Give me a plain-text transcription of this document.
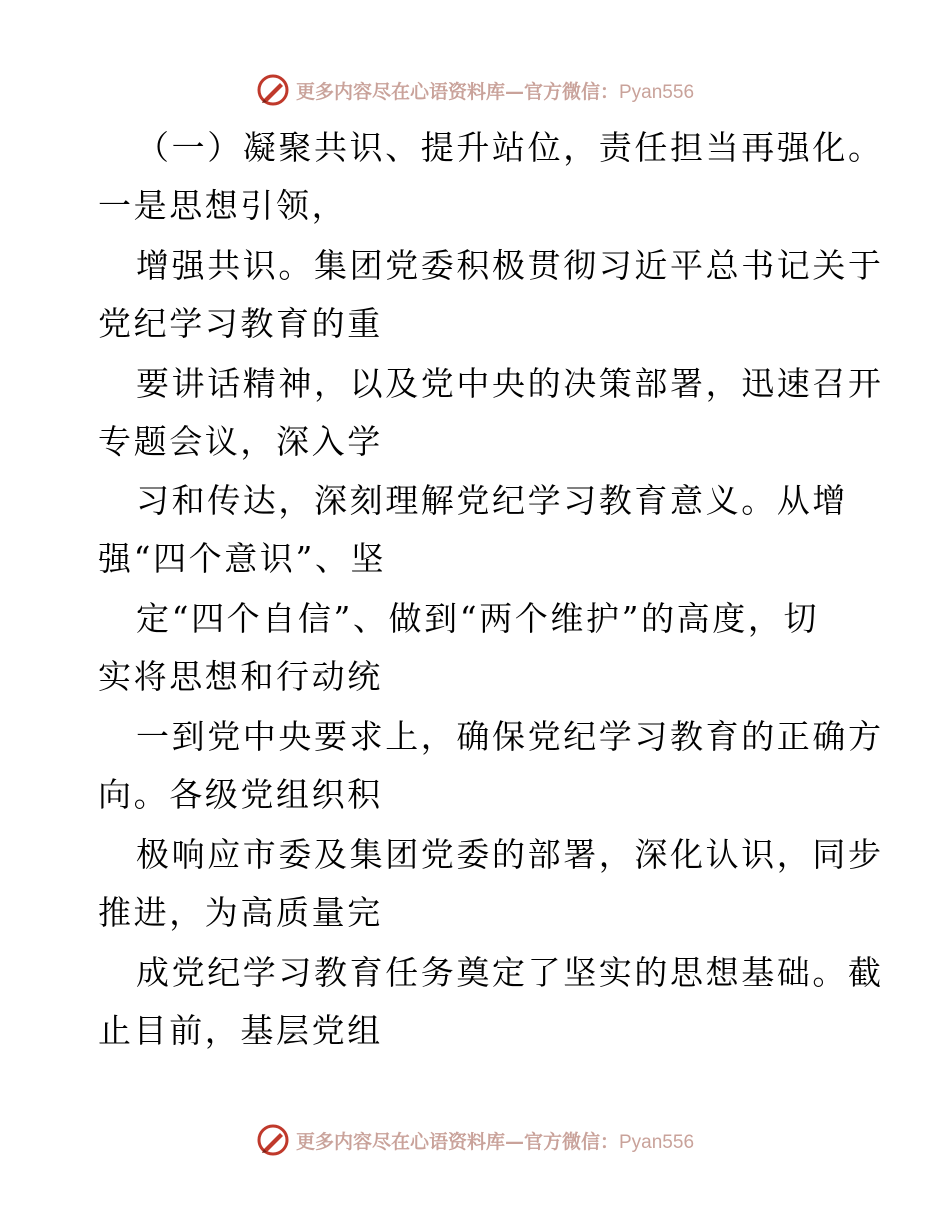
更多内容尽在心语资料库—官方微信：Pyan556
（一）凝聚共识、提升站位，责任担当再强化。
一是思想引领，
增强共识。集团党委积极贯彻习近平总书记关于
党纪学习教育的重
要讲话精神，以及党中央的决策部署，迅速召开
专题会议，深入学
习和传达，深刻理解党纪学习教育意义。从增
强“四个意识”、坚
定“四个自信”、做到“两个维护”的高度，切
实将思想和行动统
一到党中央要求上，确保党纪学习教育的正确方
向。各级党组织积
极响应市委及集团党委的部署，深化认识，同步
推进，为高质量完
成党纪学习教育任务奠定了坚实的思想基础。截
止目前，基层党组
更多内容尽在心语资料库—官方微信：Pyan556
